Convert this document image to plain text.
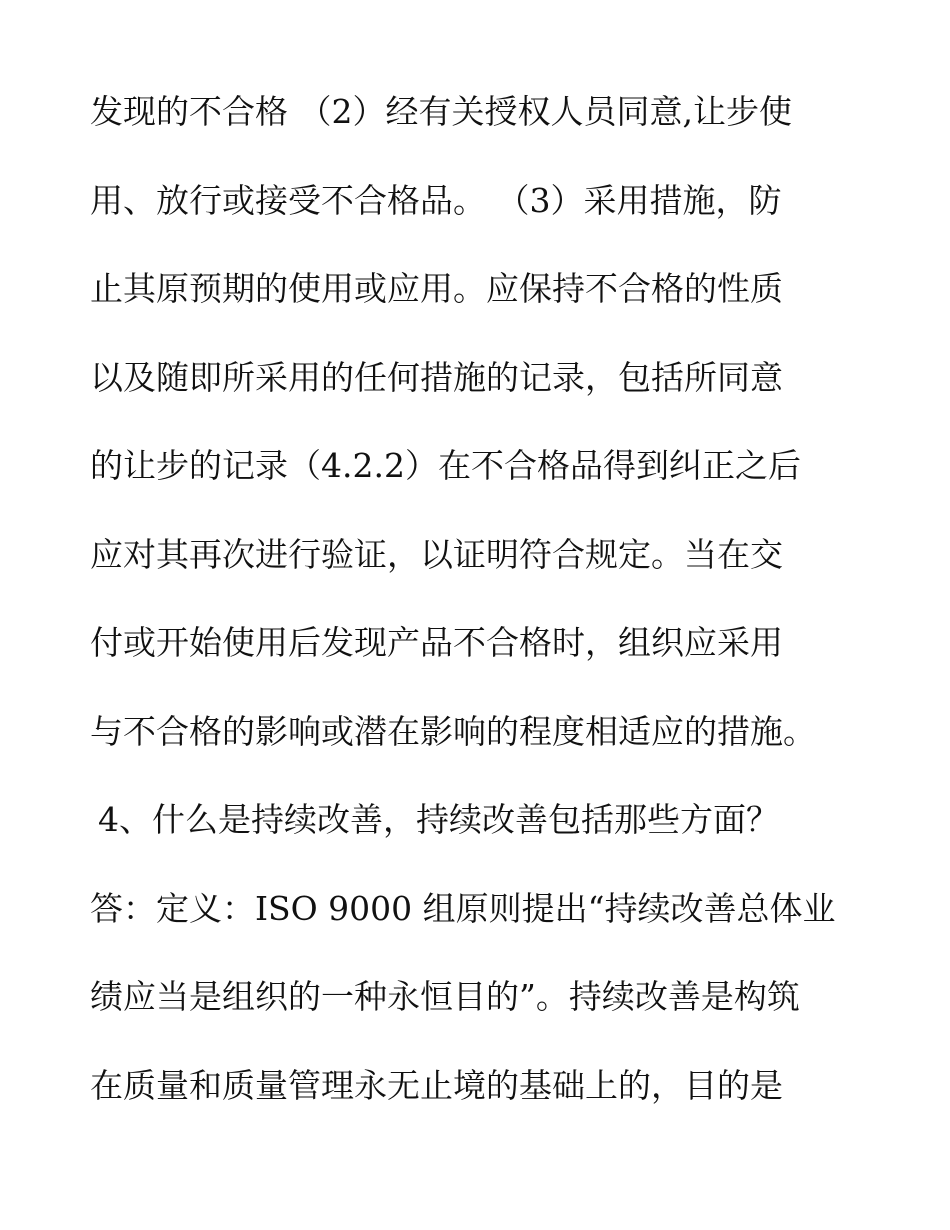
发现的不合格 （2）经有关授权人员同意,让步使
用、放行或接受不合格品。 （3）采用措施，防
止其原预期的使用或应用。应保持不合格的性质
以及随即所采用的任何措施的记录，包括所同意
的让步的记录（4.2.2）在不合格品得到纠正之后
应对其再次进行验证，以证明符合规定。当在交
付或开始使用后发现产品不合格时，组织应采用
与不合格的影响或潜在影响的程度相适应的措施。
4、什么是持续改善，持续改善包括那些方面？
答：定义：ISO 9000 组原则提出“持续改善总体业
绩应当是组织的一种永恒目的”。持续改善是构筑
在质量和质量管理永无止境的基础上的，目的是
